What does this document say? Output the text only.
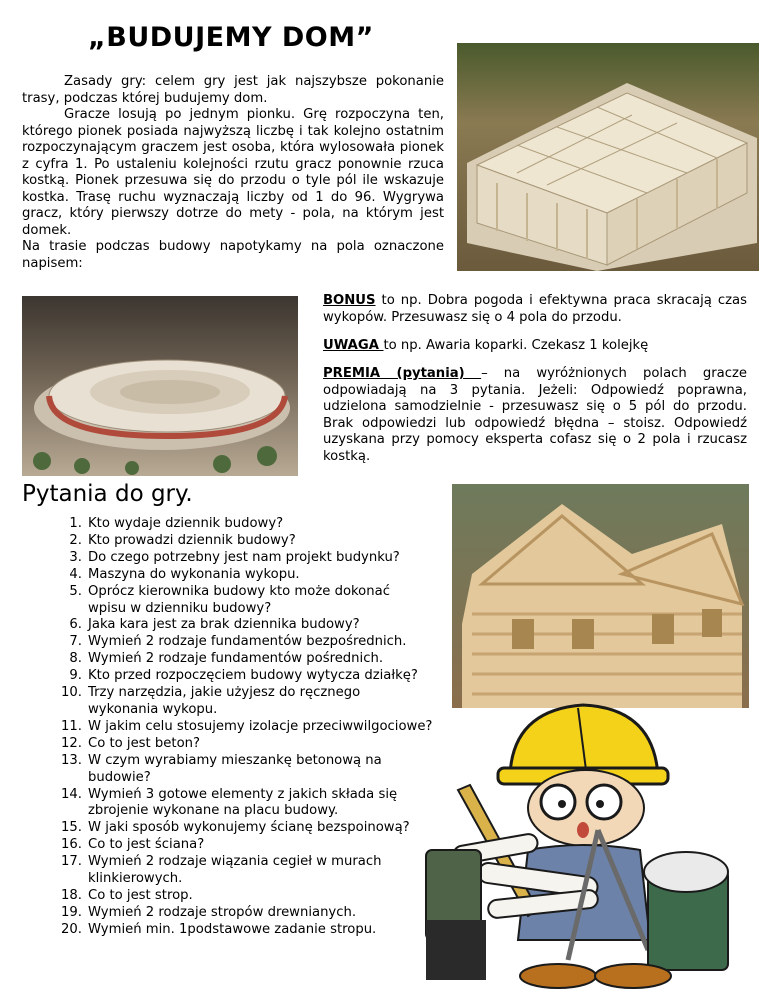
„BUDUJEMY DOM”

Zasady gry: celem gry jest jak najszybsze pokonanie trasy, podczas której budujemy dom.

Gracze losują po jednym pionku. Grę rozpoczyna ten, którego pionek posiada najwyższą liczbę i tak kolejno ostatnim rozpoczynającym graczem jest osoba, która wylosowała pionek z cyfra 1. Po ustaleniu kolejności rzutu gracz ponownie rzuca kostką. Pionek przesuwa się do przodu o tyle pól ile wskazuje kostka. Trasę ruchu wyznaczają liczby od 1 do 96. Wygrywa gracz, który pierwszy dotrze do mety - pola, na którym jest domek.

Na trasie podczas budowy napotykamy na pola oznaczone napisem:

BONUS to np. Dobra pogoda i efektywna praca skracają czas wykopów. Przesuwasz się o 4 pola do przodu.
UWAGA to np. Awaria koparki. Czekasz 1 kolejkę
PREMIA (pytania) – na wyróżnionych polach gracze odpowiadają na 3 pytania. Jeżeli: Odpowiedź poprawna, udzielona samodzielnie - przesuwasz się o 5 pól do przodu. Brak odpowiedzi lub odpowiedź błędna – stoisz. Odpowiedź uzyskana przy pomocy eksperta cofasz się o 2 pola i rzucasz kostką.
Pytania do gry.
1. Kto wydaje dziennik budowy?
2. Kto prowadzi dziennik budowy?
3. Do czego potrzebny jest nam projekt budynku?
4. Maszyna do wykonania wykopu.
5. Oprócz kierownika budowy kto może dokonać
wpisu w dzienniku budowy?
6. Jaka kara jest za brak dziennika budowy?
7. Wymień 2 rodzaje fundamentów bezpośrednich.
8. Wymień 2 rodzaje fundamentów pośrednich.
9. Kto przed rozpoczęciem budowy wytycza działkę?
10. Trzy narzędzia, jakie użyjesz do ręcznego
wykonania wykopu.
11. W jakim celu stosujemy izolacje przeciwwilgociowe?
12. Co to jest beton?
13. W czym wyrabiamy mieszankę betonową na
budowie?
14. Wymień 3 gotowe elementy z jakich składa się
zbrojenie wykonane na placu budowy.
15. W jaki sposób wykonujemy ścianę bezspoinową?
16. Co to jest ściana?
17. Wymień 2 rodzaje wiązania cegieł w murach
klinkierowych.
18. Co to jest strop.
19. Wymień 2 rodzaje stropów drewnianych.
20. Wymień min. 1podstawowe zadanie stropu.
